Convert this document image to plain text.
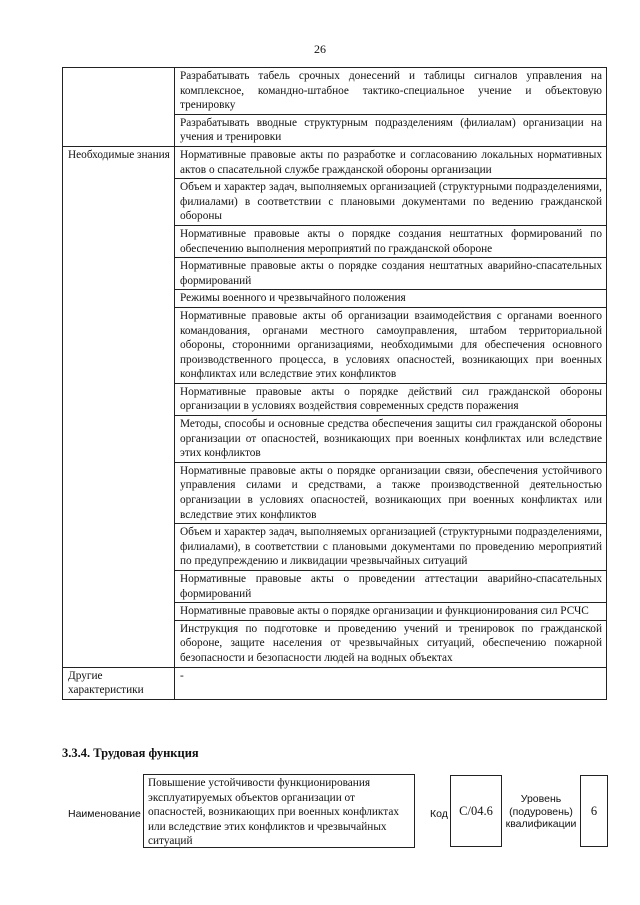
26
	Разрабатывать табель срочных донесений и таблицы сигналов управления на комплексное, командно-штабное тактико-специальное учение и объектовую тренировку
	Разрабатывать вводные структурным подразделениям (филиалам) организации на учения и тренировки
Необходимые знания	Нормативные правовые акты по разработке и согласованию локальных нормативных актов о спасательной службе гражданской обороны организации
	Объем и характер задач, выполняемых организацией (структурными подразделениями, филиалами) в соответствии с плановыми документами по ведению гражданской обороны
	Нормативные правовые акты о порядке создания нештатных формирований по обеспечению выполнения мероприятий по гражданской обороне
	Нормативные правовые акты о порядке создания нештатных аварийно-спасательных формирований
	Режимы военного и чрезвычайного положения
	Нормативные правовые акты об организации взаимодействия с органами военного командования, органами местного самоуправления, штабом территориальной обороны, сторонними организациями, необходимыми для обеспечения основного производственного процесса, в условиях опасностей, возникающих при военных конфликтах или вследствие этих конфликтов
	Нормативные правовые акты о порядке действий сил гражданской обороны организации в условиях воздействия современных средств поражения
	Методы, способы и основные средства обеспечения защиты сил гражданской обороны организации от опасностей, возникающих при военных конфликтах или вследствие этих конфликтов
	Нормативные правовые акты о порядке организации связи, обеспечения устойчивого управления силами и средствами, а также производственной деятельностью организации в условиях опасностей, возникающих при военных конфликтах или вследствие этих конфликтов
	Объем и характер задач, выполняемых организацией (структурными подразделениями, филиалами), в соответствии с плановыми документами по проведению мероприятий по предупреждению и ликвидации чрезвычайных ситуаций
	Нормативные правовые акты о проведении аттестации аварийно-спасательных формирований
	Нормативные правовые акты о порядке организации и функционирования сил РСЧС
	Инструкция по подготовке и проведению учений и тренировок по гражданской обороне, защите населения от чрезвычайных ситуаций, обеспечению пожарной безопасности и безопасности людей на водных объектах
Другие характеристики	-
3.3.4. Трудовая функция
Наименование
Повышение устойчивости функционирования эксплуатируемых объектов организации от опасностей, возникающих при военных конфликтах или вследствие этих конфликтов и чрезвычайных ситуаций
Код C/04.6
Уровень (подуровень) квалификации
6
